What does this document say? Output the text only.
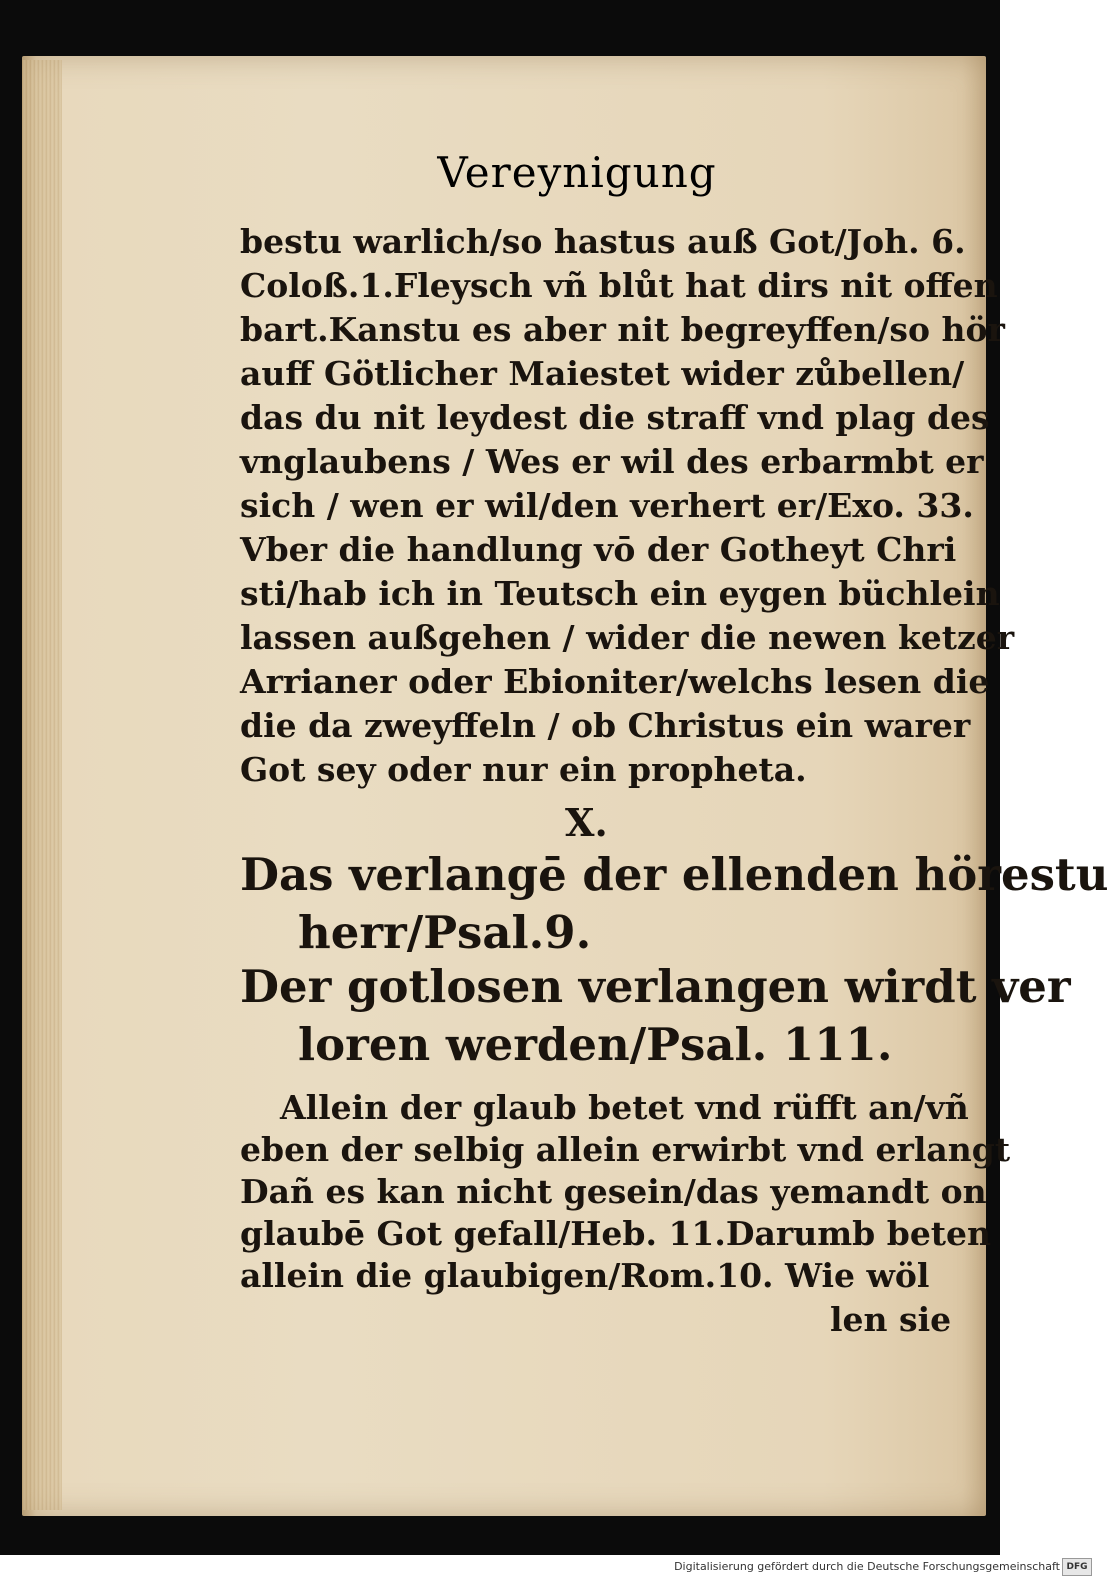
Vereynigung
bestu warlich/so hastus auß Got/Joh. 6.
Coloß.1.Fleysch vñ blůt hat dirs nit offen
bart.Kanstu es aber nit begreyffen/so hör
auff Götlicher Maiestet wider zůbellen/
das du nit leydest die straff vnd plag des
vnglaubens / Wes er wil des erbarmbt er
sich / wen er wil/den verhert er/Exo. 33.
Vber die handlung vō der Gotheyt Chri
sti/hab ich in Teutsch ein eygen büchlein
lassen außgehen / wider die newen ketzer
Arrianer oder Ebioniter/welchs lesen die
die da zweyffeln / ob Christus ein warer
Got sey oder nur ein propheta.
X.
Das verlangē der ellenden hörestu
herr/Psal.9.
Der gotlosen verlangen wirdt ver
loren werden/Psal. 111.
Allein der glaub betet vnd rüfft an/vñ
eben der selbig allein erwirbt vnd erlangt
Dañ es kan nicht gesein/das yemandt on
glaubē Got gefall/Heb. 11.Darumb beten
allein die glaubigen/Rom.10. Wie wöl
len sie
Digitalisierung gefördert durch die Deutsche Forschungsgemeinschaft DFG
